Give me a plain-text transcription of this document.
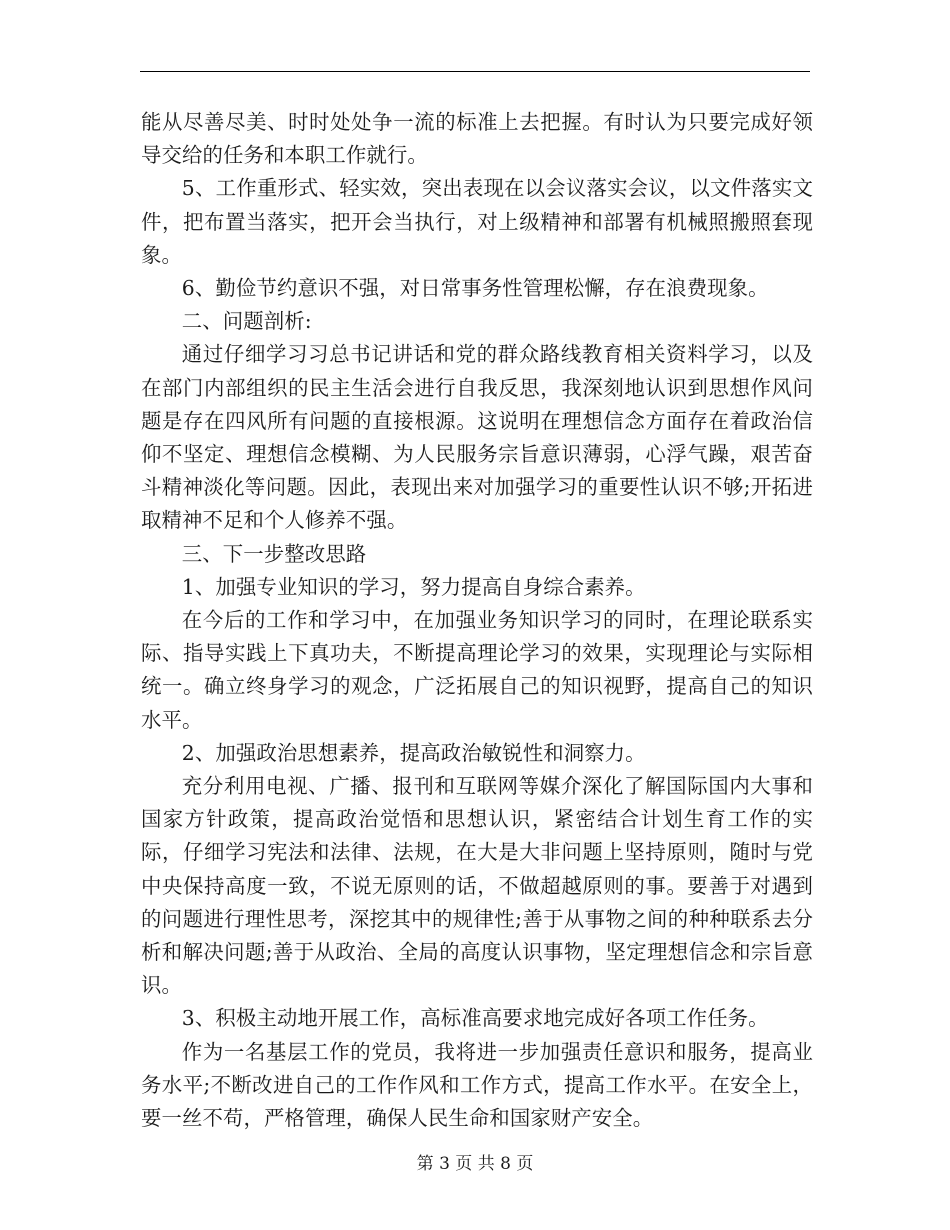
能从尽善尽美、时时处处争一流的标准上去把握。有时认为只要完成好领导交给的任务和本职工作就行。

5、工作重形式、轻实效，突出表现在以会议落实会议，以文件落实文件，把布置当落实，把开会当执行，对上级精神和部署有机械照搬照套现象。

6、勤俭节约意识不强，对日常事务性管理松懈，存在浪费现象。

二、问题剖析:

通过仔细学习习总书记讲话和党的群众路线教育相关资料学习，以及在部门内部组织的民主生活会进行自我反思，我深刻地认识到思想作风问题是存在四风所有问题的直接根源。这说明在理想信念方面存在着政治信仰不坚定、理想信念模糊、为人民服务宗旨意识薄弱，心浮气躁，艰苦奋斗精神淡化等问题。因此，表现出来对加强学习的重要性认识不够;开拓进取精神不足和个人修养不强。

三、下一步整改思路

1、加强专业知识的学习，努力提高自身综合素养。

在今后的工作和学习中，在加强业务知识学习的同时，在理论联系实际、指导实践上下真功夫，不断提高理论学习的效果，实现理论与实际相统一。确立终身学习的观念，广泛拓展自己的知识视野，提高自己的知识水平。

2、加强政治思想素养，提高政治敏锐性和洞察力。

充分利用电视、广播、报刊和互联网等媒介深化了解国际国内大事和国家方针政策，提高政治觉悟和思想认识，紧密结合计划生育工作的实际，仔细学习宪法和法律、法规，在大是大非问题上坚持原则，随时与党中央保持高度一致，不说无原则的话，不做超越原则的事。要善于对遇到的问题进行理性思考，深挖其中的规律性;善于从事物之间的种种联系去分析和解决问题;善于从政治、全局的高度认识事物，坚定理想信念和宗旨意识。

3、积极主动地开展工作，高标准高要求地完成好各项工作任务。

作为一名基层工作的党员，我将进一步加强责任意识和服务，提高业务水平;不断改进自己的工作作风和工作方式，提高工作水平。在安全上，要一丝不苟，严格管理，确保人民生命和国家财产安全。

第 3 页 共 8 页
